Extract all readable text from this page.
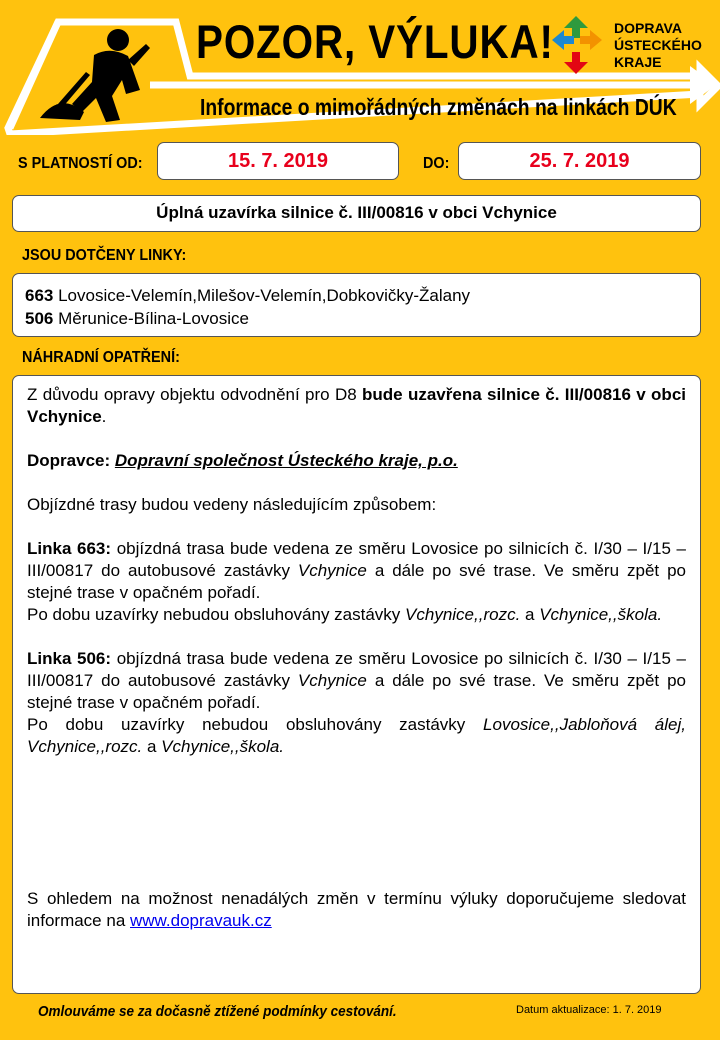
POZOR, VÝLUKA!
Informace o mimořádných změnách na linkách DÚK
DOPRAVA
ÚSTECKÉHO
KRAJE
S PLATNOSTÍ OD:	15. 7. 2019	DO:	25. 7. 2019
Úplná uzavírka silnice č. III/00816 v obci Vchynice
JSOU DOTČENY LINKY:
663 Lovosice-Velemín,Milešov-Velemín,Dobkovičky-Žalany
506 Měrunice-Bílina-Lovosice
NÁHRADNÍ OPATŘENÍ:

Z důvodu opravy objektu odvodnění pro D8 bude uzavřena silnice č. III/00816 v obci Vchynice.

Dopravce: Dopravní společnost Ústeckého kraje, p.o.

Objízdné trasy budou vedeny následujícím způsobem:

Linka 663: objízdná trasa bude vedena ze směru Lovosice po silnicích č. I/30 – I/15 – III/00817 do autobusové zastávky Vchynice a dále po své trase. Ve směru zpět po stejné trase v opačném pořadí.

Po dobu uzavírky nebudou obsluhovány zastávky Vchynice,,rozc. a Vchynice,,škola.

Linka 506: objízdná trasa bude vedena ze směru Lovosice po silnicích č. I/30 – I/15 – III/00817 do autobusové zastávky Vchynice a dále po své trase. Ve směru zpět po stejné trase v opačném pořadí.

Po dobu uzavírky nebudou obsluhovány zastávky Lovosice,,Jabloňová álej, Vchynice,,rozc. a Vchynice,,škola.

S ohledem na možnost nenadálých změn v termínu výluky doporučujeme sledovat informace na www.dopravauk.cz

Omlouváme se za dočasně ztížené podmínky cestování.	Datum aktualizace: 1. 7. 2019
